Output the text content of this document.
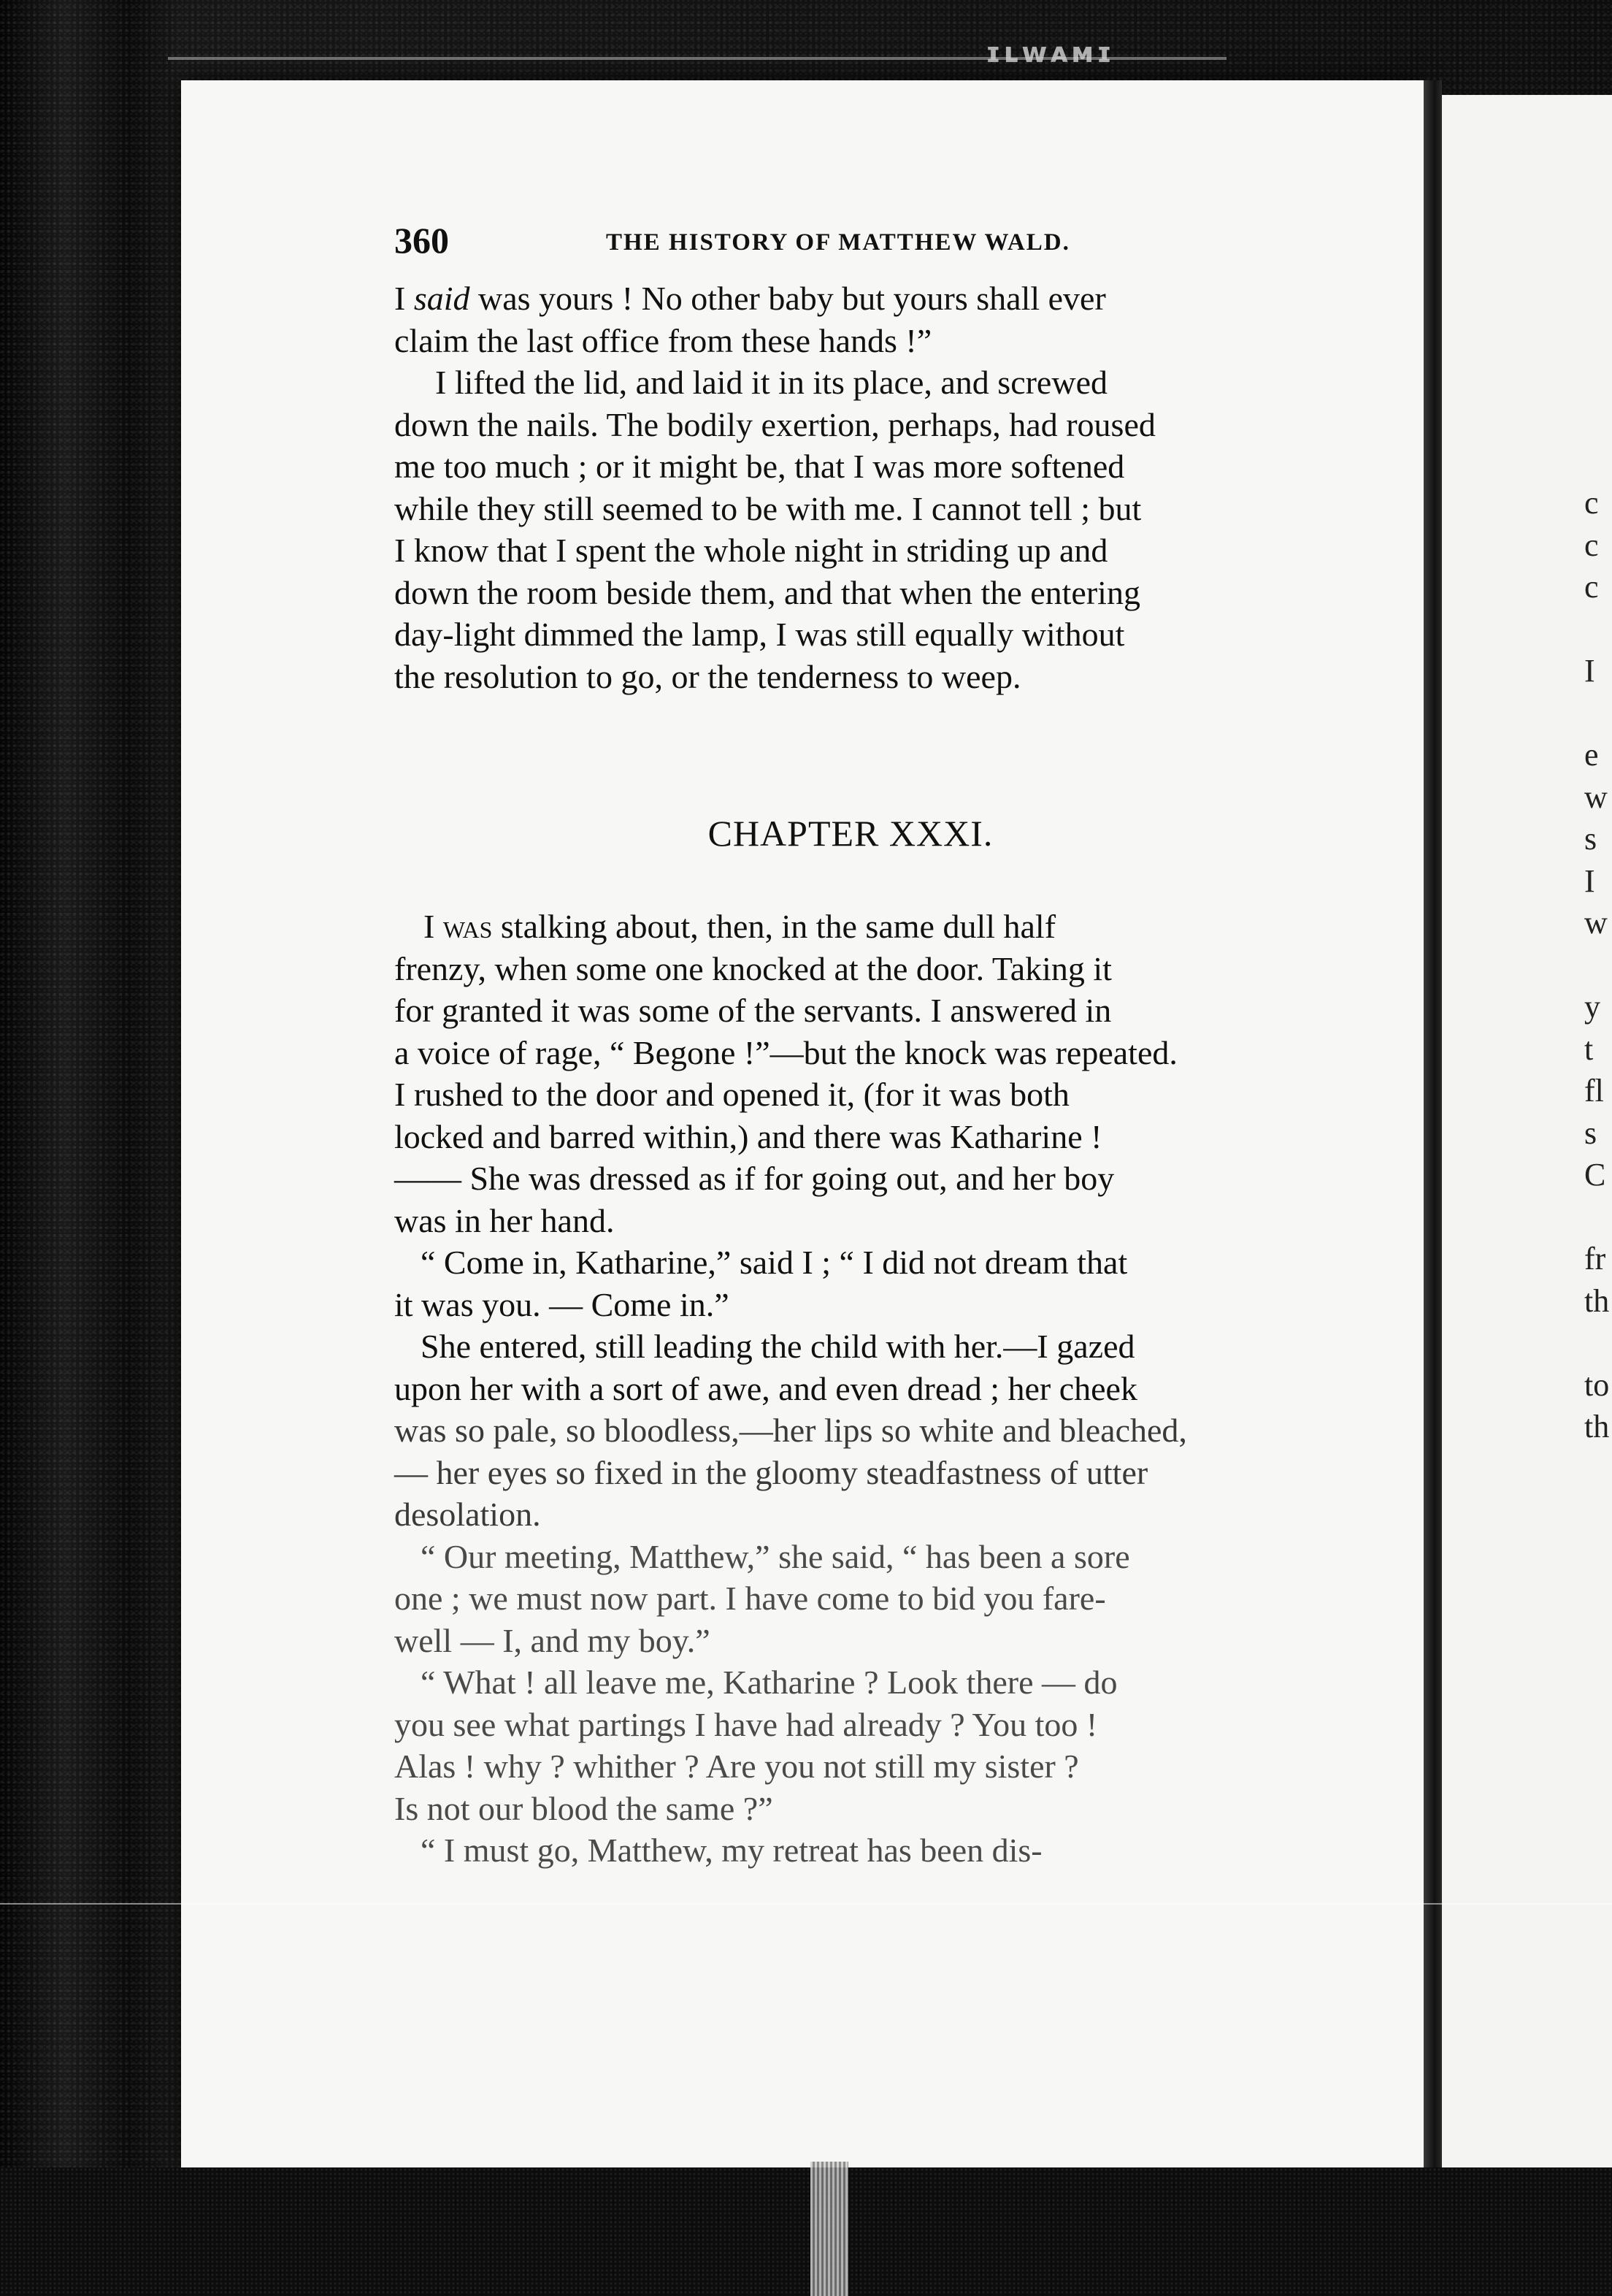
ɪʟᴡᴀᴍɪ
360	THE HISTORY OF MATTHEW WALD.

I said was yours ! No other baby but yours shall ever
claim the last office from these hands !”

I lifted the lid, and laid it in its place, and screwed
down the nails. The bodily exertion, perhaps, had roused
me too much ; or it might be, that I was more softened
while they still seemed to be with me. I cannot tell ; but
I know that I spent the whole night in striding up and
down the room beside them, and that when the entering
day-light dimmed the lamp, I was still equally without
the resolution to go, or the tenderness to weep.

CHAPTER XXXI.

I was stalking about, then, in the same dull half
frenzy, when some one knocked at the door. Taking it
for granted it was some of the servants. I answered in
a voice of rage, “ Begone !”—but the knock was repeated.
I rushed to the door and opened it, (for it was both
locked and barred within,) and there was Katharine !
—— She was dressed as if for going out, and her boy
was in her hand.

“ Come in, Katharine,” said I ; “ I did not dream that
it was you. — Come in.”

She entered, still leading the child with her.—I gazed
upon her with a sort of awe, and even dread ; her cheek
was so pale, so bloodless,—her lips so white and bleached,
— her eyes so fixed in the gloomy steadfastness of utter
desolation.

“ Our meeting, Matthew,” she said, “ has been a sore
one ; we must now part. I have come to bid you fare-
well — I, and my boy.”

“ What ! all leave me, Katharine ? Look there — do
you see what partings I have had already ? You too !
Alas ! why ? whither ? Are you not still my sister ?
Is not our blood the same ?”

“ I must go, Matthew, my retreat has been dis-

c
c
c
I
e
w
s
I
w
y
t
fl
s
C
fr
th
to
th
